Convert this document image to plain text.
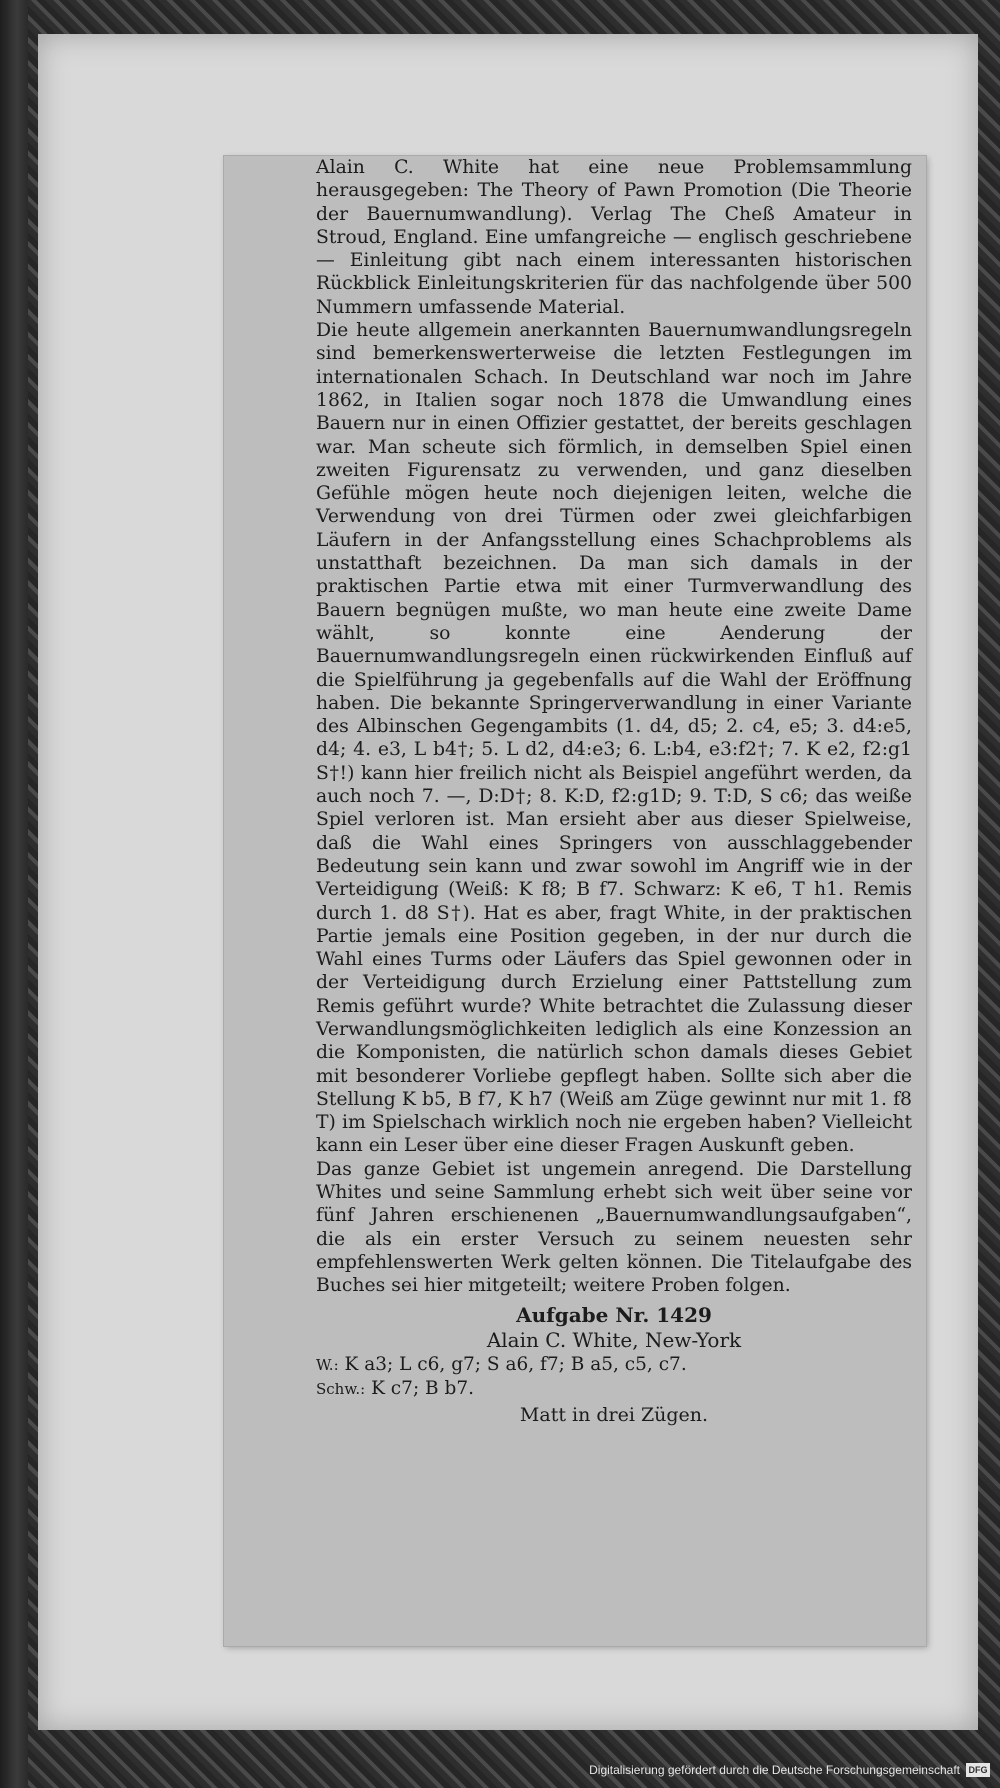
Alain C. White hat eine neue Problemsammlung herausgegeben: The Theory of Pawn Promotion (Die Theorie der Bauernumwandlung). Verlag The Cheß Amateur in Stroud, England. Eine umfangreiche — englisch geschriebene — Einleitung gibt nach einem interessanten historischen Rückblick Einleitungskriterien für das nachfolgende über 500 Nummern umfassende Material.

Die heute allgemein anerkannten Bauernumwandlungsregeln sind bemerkenswerterweise die letzten Festlegungen im internationalen Schach. In Deutschland war noch im Jahre 1862, in Italien sogar noch 1878 die Umwandlung eines Bauern nur in einen Offizier gestattet, der bereits geschlagen war. Man scheute sich förmlich, in demselben Spiel einen zweiten Figurensatz zu verwenden, und ganz dieselben Gefühle mögen heute noch diejenigen leiten, welche die Verwendung von drei Türmen oder zwei gleichfarbigen Läufern in der Anfangsstellung eines Schachproblems als unstatthaft bezeichnen. Da man sich damals in der praktischen Partie etwa mit einer Turmverwandlung des Bauern begnügen mußte, wo man heute eine zweite Dame wählt, so konnte eine Aenderung der Bauernumwandlungsregeln einen rückwirkenden Einfluß auf die Spielführung ja gegebenfalls auf die Wahl der Eröffnung haben. Die bekannte Springerverwandlung in einer Variante des Albinschen Gegengambits (1. d4, d5; 2. c4, e5; 3. d4:e5, d4; 4. e3, L b4†; 5. L d2, d4:e3; 6. L:b4, e3:f2†; 7. K e2, f2:g1 S†!) kann hier freilich nicht als Beispiel angeführt werden, da auch noch 7. —, D:D†; 8. K:D, f2:g1D; 9. T:D, S c6; das weiße Spiel verloren ist. Man ersieht aber aus dieser Spielweise, daß die Wahl eines Springers von ausschlaggebender Bedeutung sein kann und zwar sowohl im Angriff wie in der Verteidigung (Weiß: K f8; B f7. Schwarz: K e6, T h1. Remis durch 1. d8 S†). Hat es aber, fragt White, in der praktischen Partie jemals eine Position gegeben, in der nur durch die Wahl eines Turms oder Läufers das Spiel gewonnen oder in der Verteidigung durch Erzielung einer Pattstellung zum Remis geführt wurde? White betrachtet die Zulassung dieser Verwandlungsmöglichkeiten lediglich als eine Konzession an die Komponisten, die natürlich schon damals dieses Gebiet mit besonderer Vorliebe gepflegt haben. Sollte sich aber die Stellung K b5, B f7, K h7 (Weiß am Züge gewinnt nur mit 1. f8 T) im Spielschach wirklich noch nie ergeben haben? Vielleicht kann ein Leser über eine dieser Fragen Auskunft geben.

Das ganze Gebiet ist ungemein anregend. Die Darstellung Whites und seine Sammlung erhebt sich weit über seine vor fünf Jahren erschienenen „Bauernumwandlungsaufgaben“, die als ein erster Versuch zu seinem neuesten sehr empfehlenswerten Werk gelten können. Die Titelaufgabe des Buches sei hier mitgeteilt; weitere Proben folgen.

Aufgabe Nr. 1429
Alain C. White, New-York
W.: K a3; L c6, g7; S a6, f7; B a5, c5, c7.
Schw.: K c7; B b7.
Matt in drei Zügen.
Digitalisierung gefördert durch die Deutsche Forschungsgemeinschaft DFG
